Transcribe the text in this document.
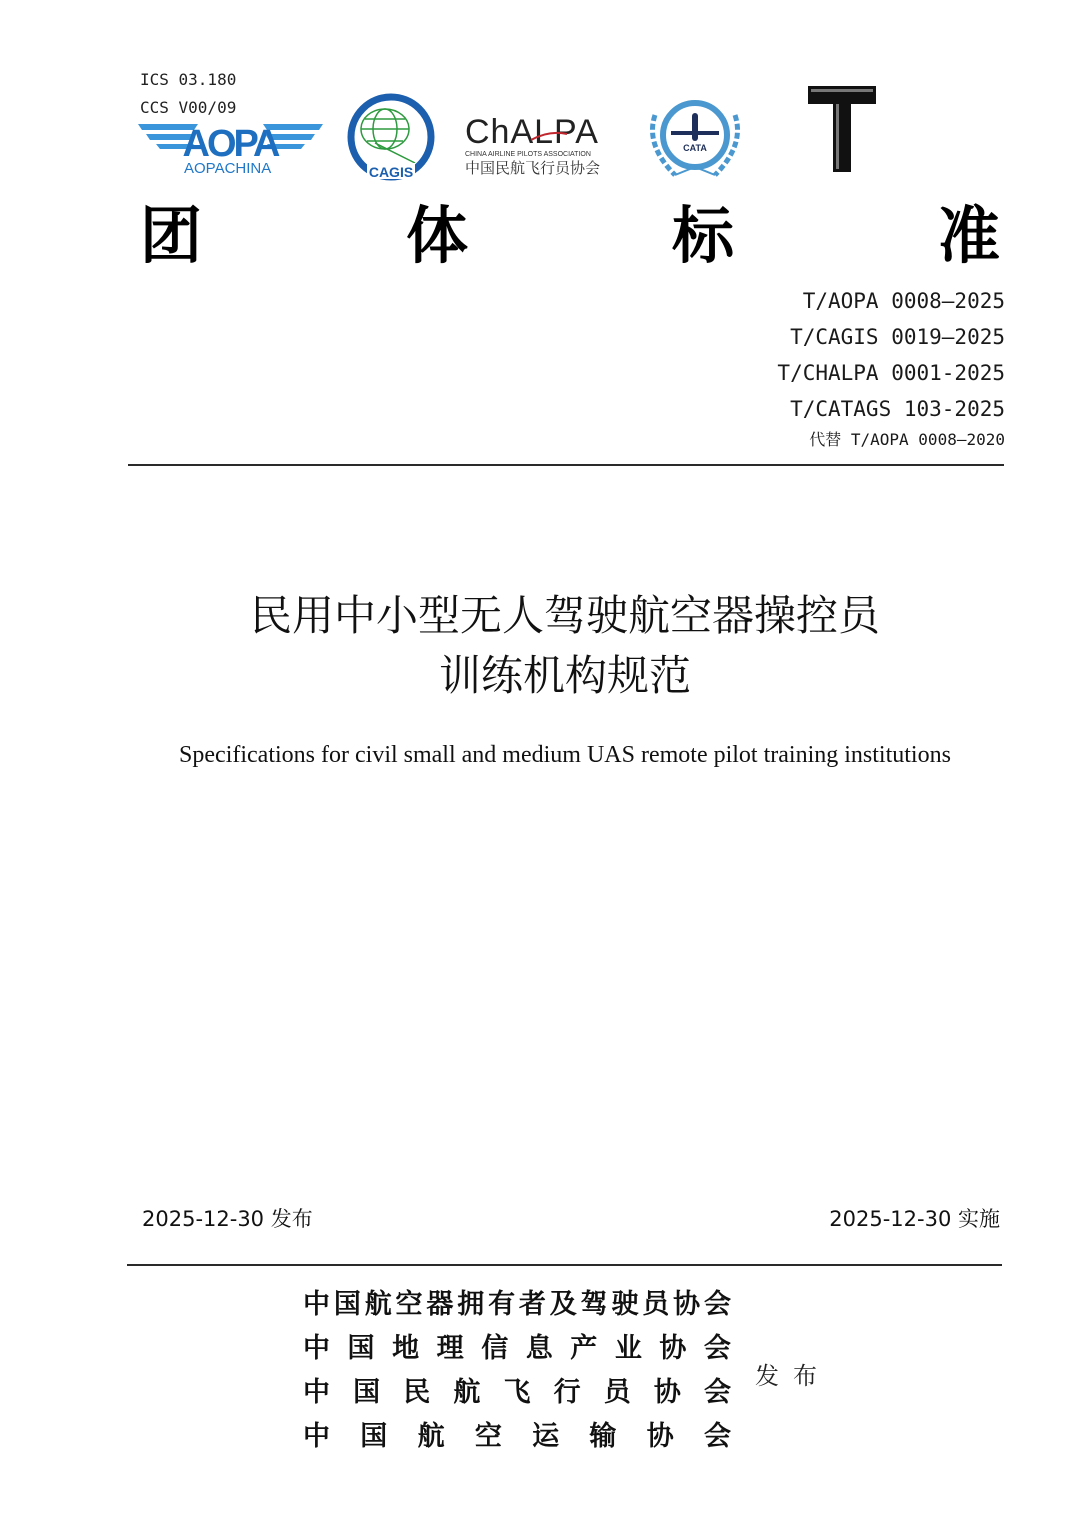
ICS 03.180
CCS V00/09
AOPA
AOPACHINA	CAGIS
ChALPA
CHINA AIRLINE PILOTS ASSOCIATION
中国民航飞行员协会
CATA
团	体	标	准
T/AOPA 0008—2025
T/CAGIS 0019—2025
T/CHALPA 0001-2025
T/CATAGS 103-2025
代替 T/AOPA 0008—2020
民用中小型无人驾驶航空器操控员
训练机构规范
Specifications for civil small and medium UAS remote pilot training institutions
2025-12-30 发布	2025-12-30 实施
中 国 航 空 器 拥 有 者 及 驾 驶 员 协 会
中 国 地 理 信 息 产 业 协 会
中 国 民 航 飞 行 员 协 会
中 国 航 空 运 输 协 会
发布
